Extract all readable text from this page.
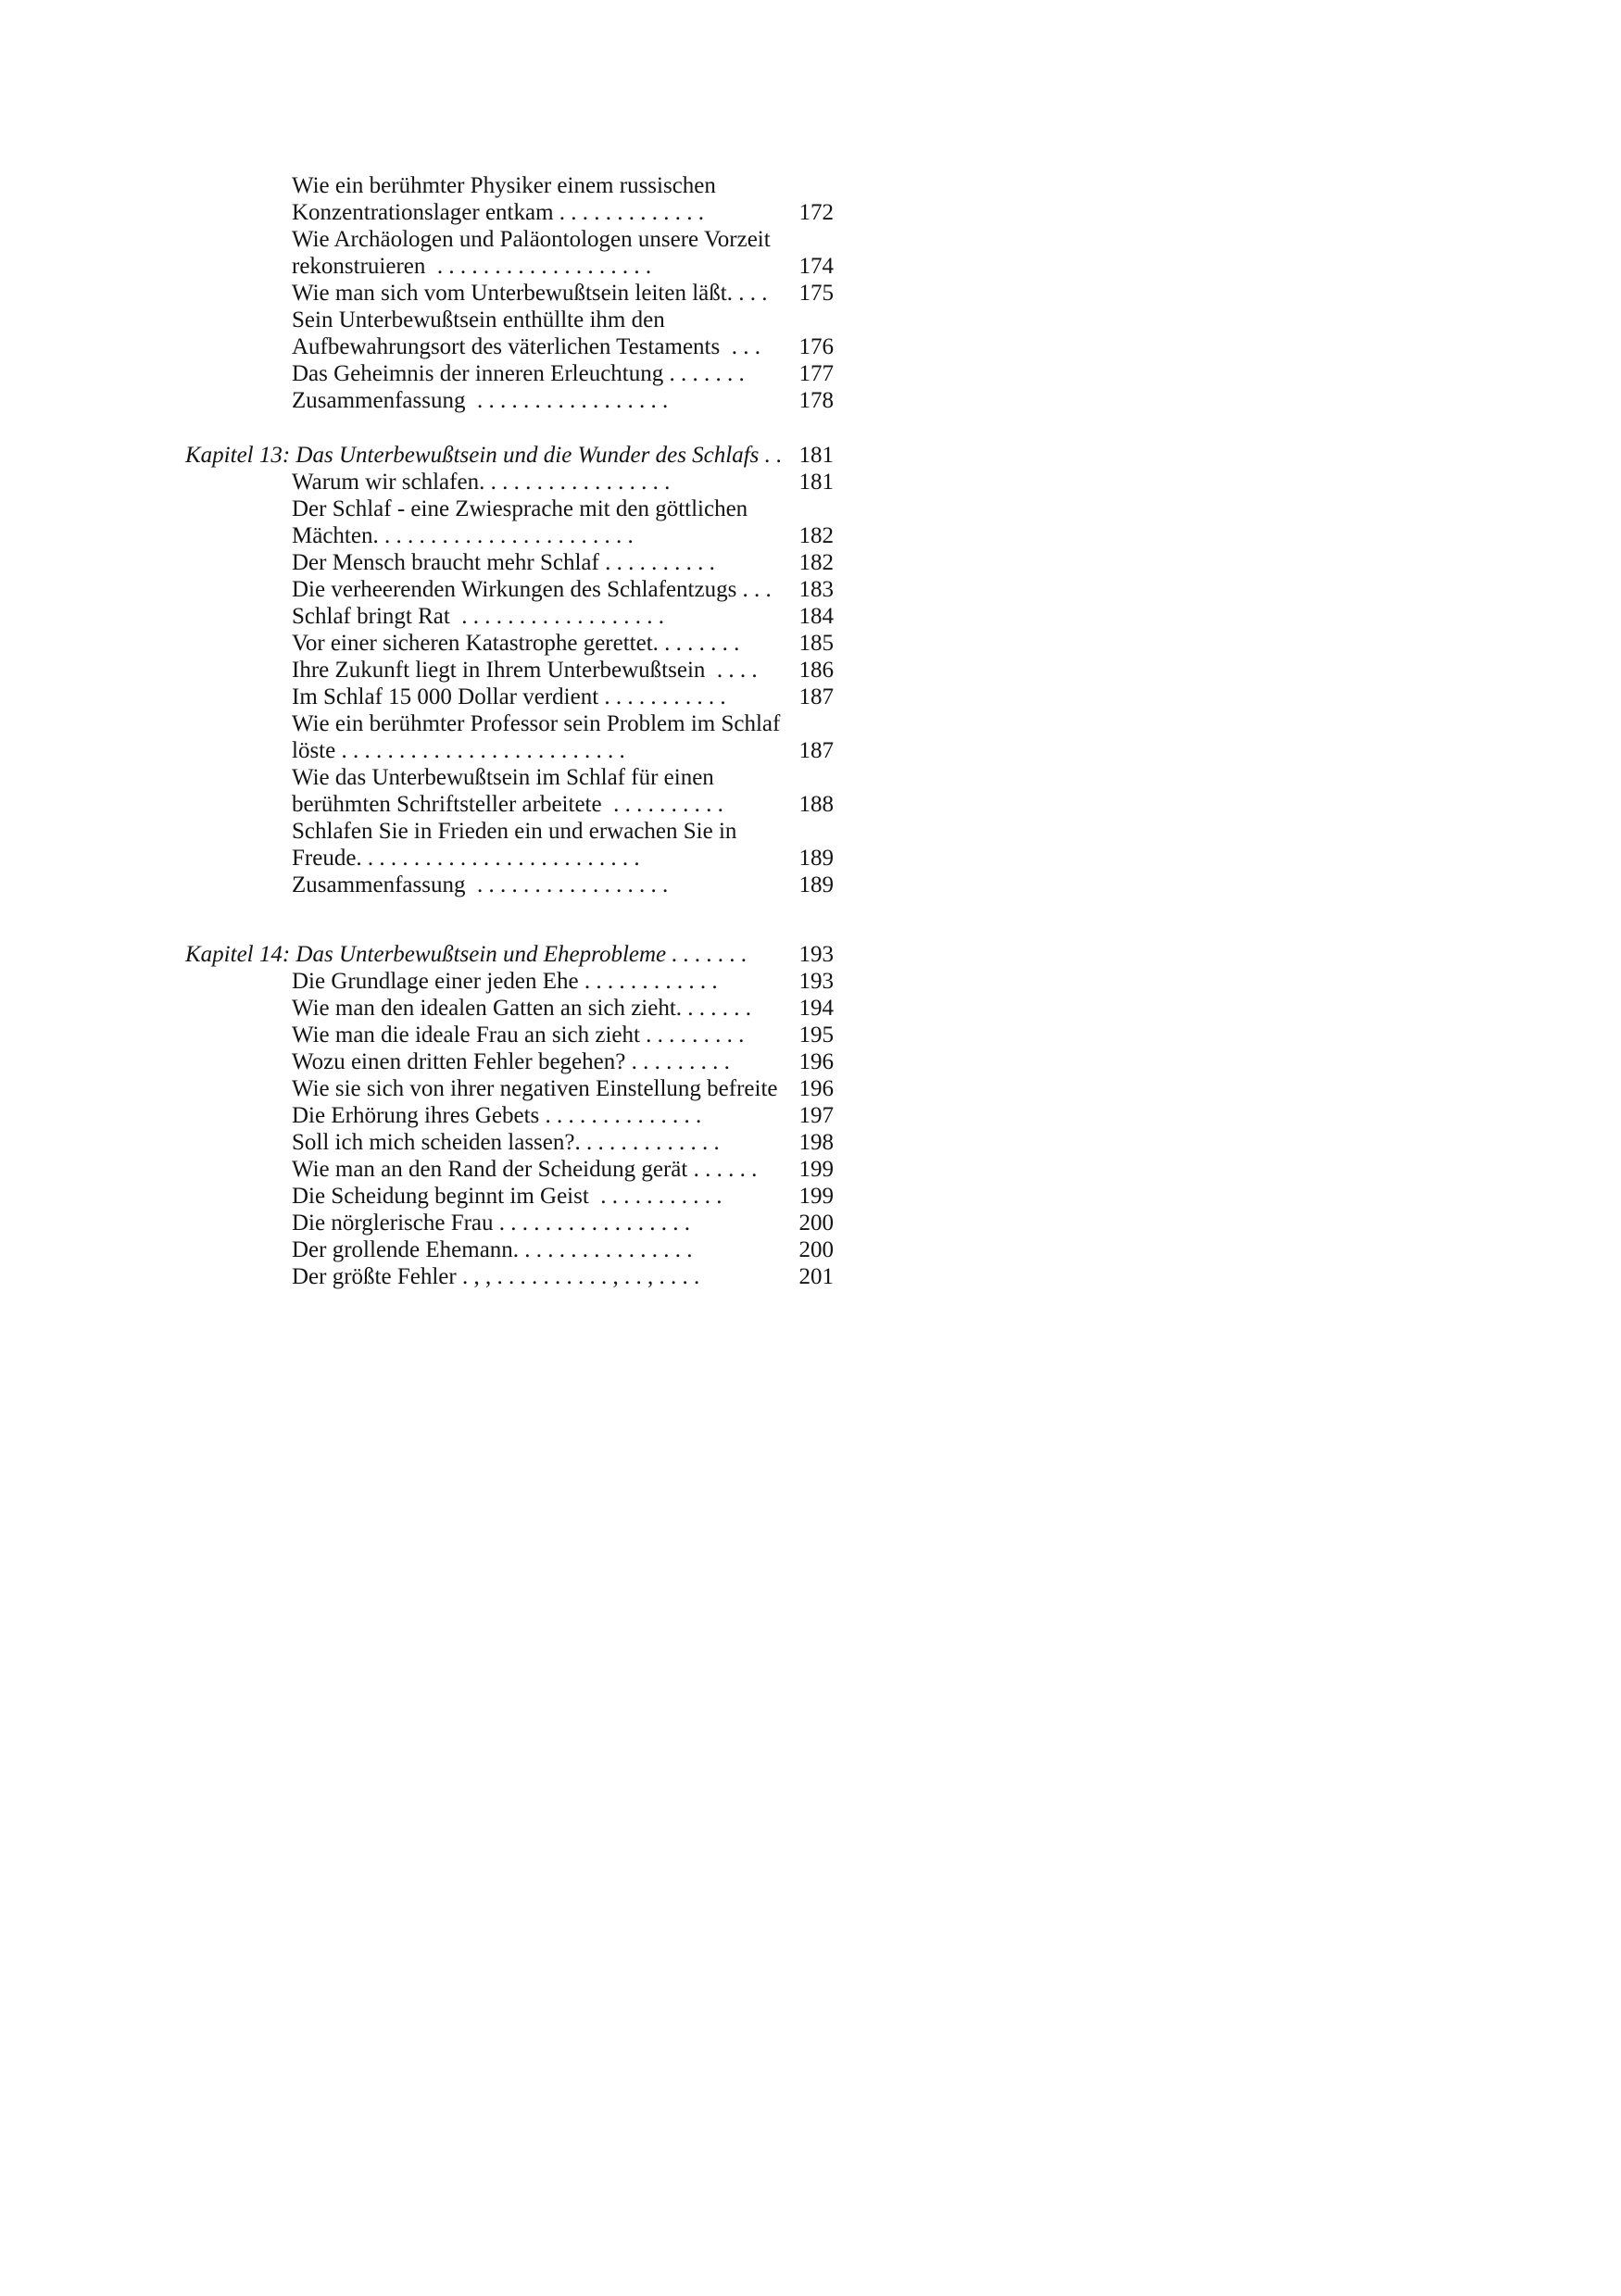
Wie ein berühmter Physiker einem russischen
Konzentrationslager entkam . . . . . . . . . . . . .	172
Wie Archäologen und Paläontologen unsere Vorzeit
rekonstruieren  . . . . . . . . . . . . . . . . . . .	174
Wie man sich vom Unterbewußtsein leiten läßt. . . .	175
Sein Unterbewußtsein enthüllte ihm den
Aufbewahrungsort des väterlichen Testaments  . . .	176
Das Geheimnis der inneren Erleuchtung . . . . . . .	177
Zusammenfassung  . . . . . . . . . . . . . . . . .	178
Kapitel 13: Das Unterbewußtsein und die Wunder des Schlafs . . 181
Warum wir schlafen. . . . . . . . . . . . . . . . .	181
Der Schlaf - eine Zwiesprache mit den göttlichen
Mächten. . . . . . . . . . . . . . . . . . . . . . .	182
Der Mensch braucht mehr Schlaf . . . . . . . . . .	182
Die verheerenden Wirkungen des Schlafentzugs . . .	183
Schlaf bringt Rat  . . . . . . . . . . . . . . . . . .	184
Vor einer sicheren Katastrophe gerettet. . . . . . . .	185
Ihre Zukunft liegt in Ihrem Unterbewußtsein  . . . .	186
Im Schlaf 15 000 Dollar verdient . . . . . . . . . . .	187
Wie ein berühmter Professor sein Problem im Schlaf
löste . . . . . . . . . . . . . . . . . . . . . . . . .	187
Wie das Unterbewußtsein im Schlaf für einen
berühmten Schriftsteller arbeitete  . . . . . . . . . .	188
Schlafen Sie in Frieden ein und erwachen Sie in
Freude. . . . . . . . . . . . . . . . . . . . . . . . .	189
Zusammenfassung  . . . . . . . . . . . . . . . . .	189
Kapitel 14: Das Unterbewußtsein und Eheprobleme . . . . . . .	193
Die Grundlage einer jeden Ehe . . . . . . . . . . . .	193
Wie man den idealen Gatten an sich zieht. . . . . . .	194
Wie man die ideale Frau an sich zieht . . . . . . . . .	195
Wozu einen dritten Fehler begehen? . . . . . . . . .	196
Wie sie sich von ihrer negativen Einstellung befreite 196
Die Erhörung ihres Gebets . . . . . . . . . . . . . .	197
Soll ich mich scheiden lassen?. . . . . . . . . . . . .	198
Wie man an den Rand der Scheidung gerät . . . . . .	199
Die Scheidung beginnt im Geist  . . . . . . . . . . .	199
Die nörglerische Frau . . . . . . . . . . . . . . . . .	200
Der grollende Ehemann. . . . . . . . . . . . . . . .	200
Der größte Fehler . , , . . . . . . . . . . , . . , . . . .	201
